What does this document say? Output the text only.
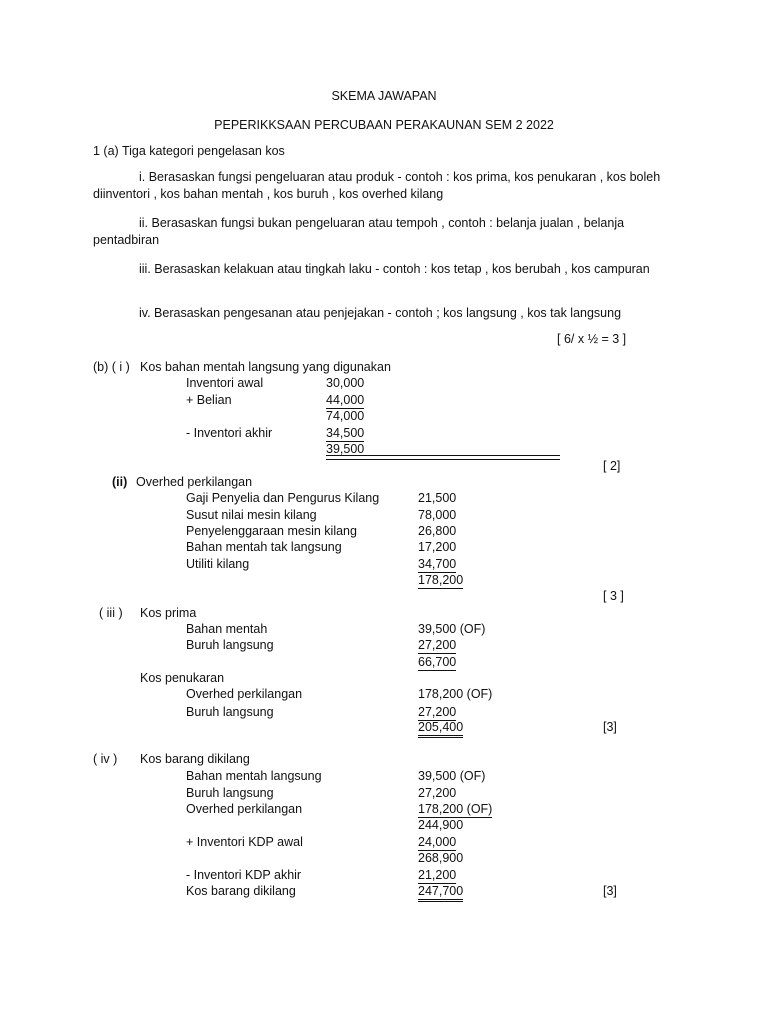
SKEMA JAWAPAN
PEPERIKKSAAN PERCUBAAN PERAKAUNAN SEM 2 2022
1 (a) Tiga kategori pengelasan kos
i. Berasaskan fungsi pengeluaran atau produk - contoh : kos prima, kos penukaran , kos boleh diinventori , kos bahan mentah , kos buruh , kos overhed kilang
ii. Berasaskan fungsi bukan pengeluaran atau tempoh , contoh : belanja jualan , belanja pentadbiran
iii. Berasaskan kelakuan atau tingkah laku - contoh : kos tetap , kos berubah , kos campuran
iv. Berasaskan pengesanan atau penjejakan - contoh ; kos langsung , kos tak langsung
[ 6/ x ½ = 3 ]
(b) ( i ) Kos bahan mentah langsung yang digunakan
Inventori awal	30,000
+ Belian	44,000
74,000
- Inventori akhir	34,500
39,500
[ 2]
(ii) Overhed perkilangan
Gaji Penyelia dan Pengurus Kilang	21,500
Susut nilai mesin kilang	78,000
Penyelenggaraan mesin kilang	26,800
Bahan mentah tak langsung	17,200
Utiliti kilang	34,700
178,200
[ 3 ]
( iii ) Kos prima
Bahan mentah	39,500 (OF)
Buruh langsung	27,200
66,700
Kos penukaran
Overhed perkilangan	178,200 (OF)
Buruh langsung	27,200
205,400	[3]
( iv ) Kos barang dikilang
Bahan mentah langsung	39,500 (OF)
Buruh langsung	27,200
Overhed perkilangan	178,200 (OF)
244,900
+ Inventori KDP awal	24,000
268,900
- Inventori KDP akhir	21,200
Kos barang dikilang	247,700	[3]
